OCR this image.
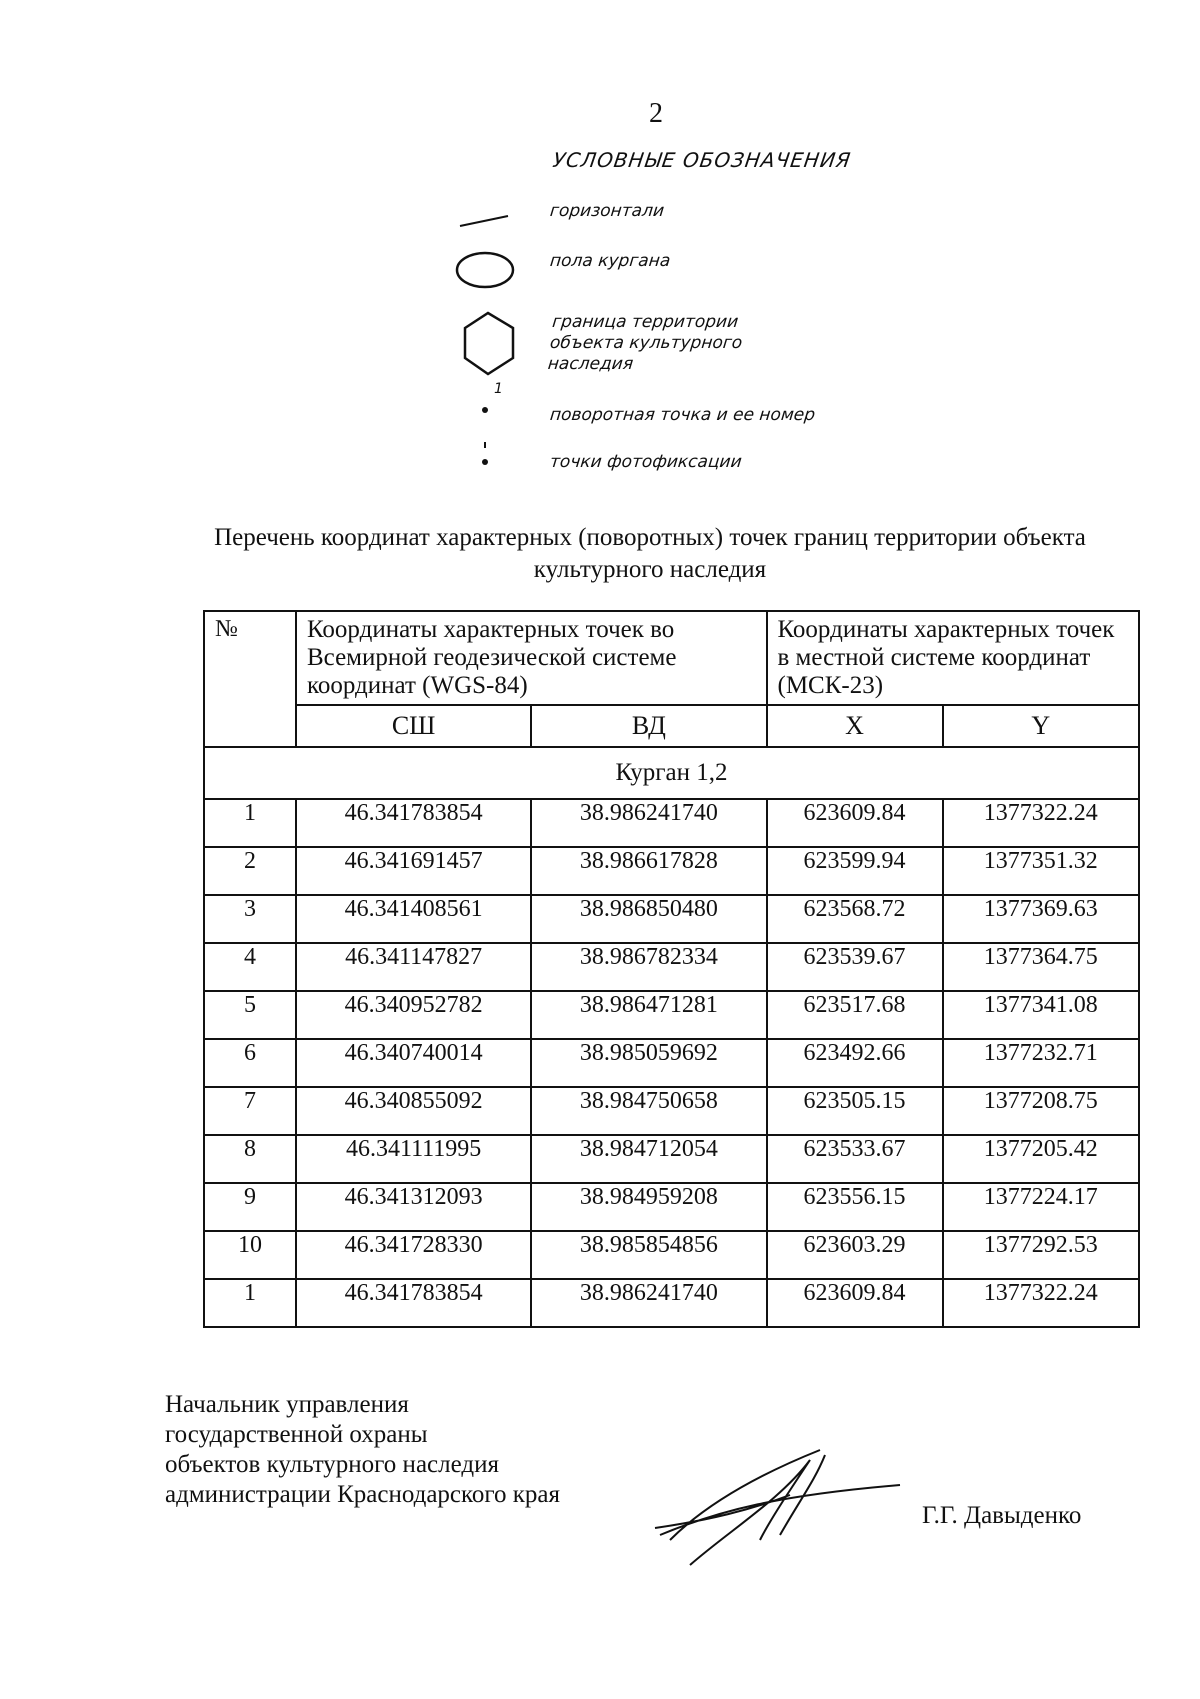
2
УСЛОВНЫЕ ОБОЗНАЧЕНИЯ
горизонтали
пола кургана
граница территории
объекта культурного
наследия
1
поворотная точка и ее номер
точки фотофиксации
Перечень координат характерных (поворотных) точек границ территории объекта культурного наследия
№	Координаты характерных точек во Всемирной геодезической системе координат (WGS-84)		Координаты характерных точек в местной системе координат (МСК-23)	
	СШ	ВД	X	Y
Курган 1,2				
1	46.341783854	38.986241740	623609.84	1377322.24
2	46.341691457	38.986617828	623599.94	1377351.32
3	46.341408561	38.986850480	623568.72	1377369.63
4	46.341147827	38.986782334	623539.67	1377364.75
5	46.340952782	38.986471281	623517.68	1377341.08
6	46.340740014	38.985059692	623492.66	1377232.71
7	46.340855092	38.984750658	623505.15	1377208.75
8	46.341111995	38.984712054	623533.67	1377205.42
9	46.341312093	38.984959208	623556.15	1377224.17
10	46.341728330	38.985854856	623603.29	1377292.53
1	46.341783854	38.986241740	623609.84	1377322.24
Начальник управления
государственной охраны
объектов культурного наследия
администрации Краснодарского края
Г.Г. Давыденко
